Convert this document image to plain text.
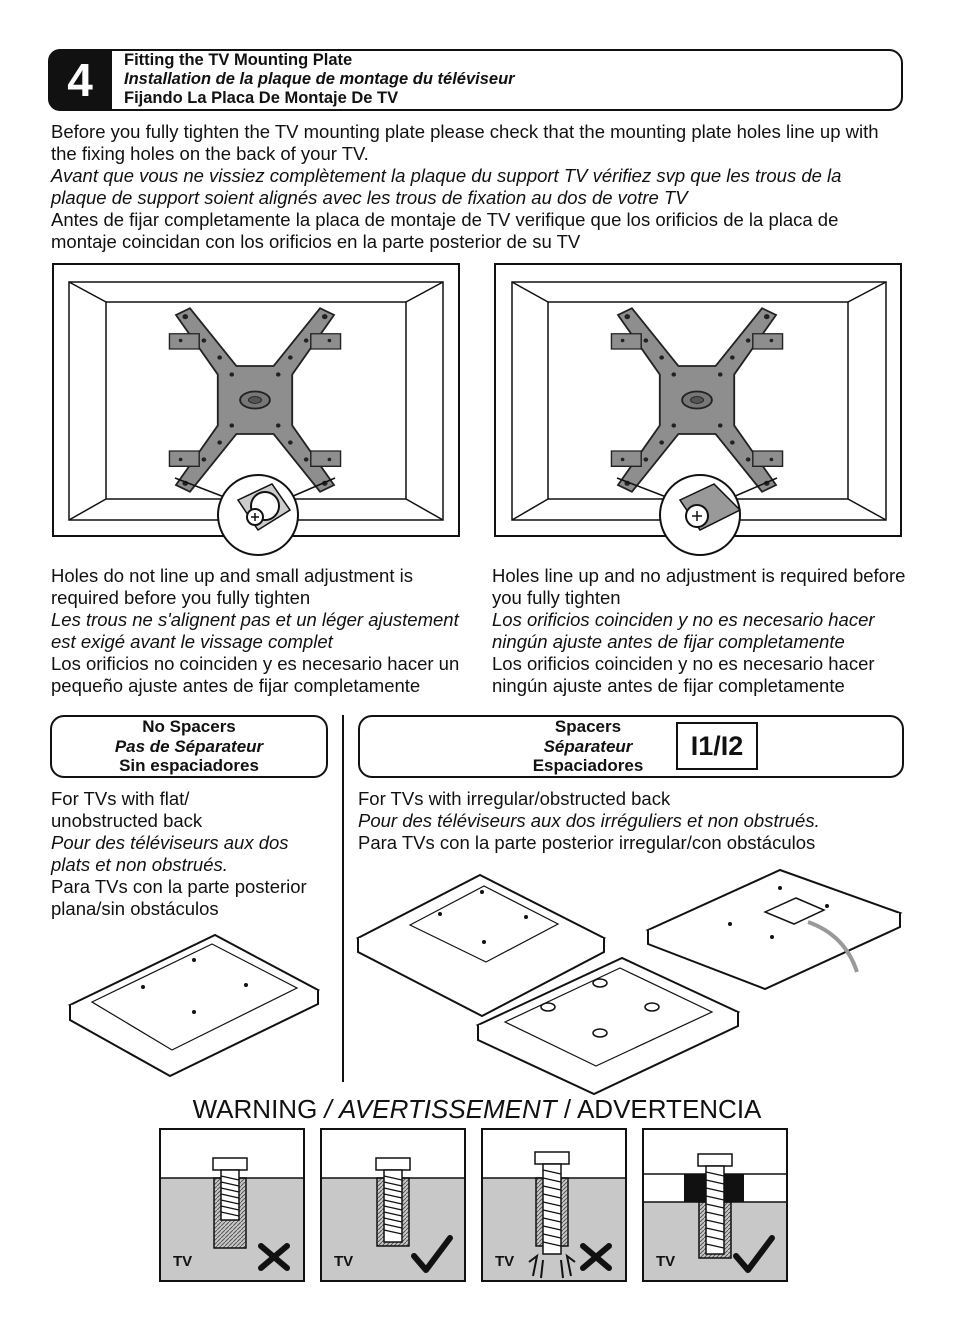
4	Fitting the TV Mounting Plate
Installation de la plaque de montage du téléviseur
Fijando La Placa De Montaje De TV
Before you fully tighten the TV mounting plate please check that the mounting plate holes line up with the fixing holes on the back of your TV.
Avant que vous ne vissiez complètement la plaque du support TV vérifiez svp que les trous de la plaque de support soient alignés avec les trous de fixation au dos de votre TV
Antes de fijar completamente la placa de montaje de TV verifique que los orificios de la placa de montaje coincidan con los orificios en la parte posterior de su TV
Holes do not line up and small adjustment is required before you fully tighten
Les trous ne s'alignent pas et un léger ajustement est exigé avant le vissage complet
Los orificios no coinciden y es necesario hacer un pequeño ajuste antes de fijar completamente
Holes line up and no adjustment is required before you fully tighten
Los orificios coinciden y no es necesario hacer ningún ajuste antes de fijar completamente
Los orificios coinciden y no es necesario hacer ningún ajuste antes de fijar completamente
No Spacers
Pas de Séparateur
Sin espaciadores
For TVs with flat/ unobstructed back
Pour des téléviseurs aux dos plats et non obstrués.
Para TVs con la parte posterior plana/sin obstáculos
Spacers
Séparateur
Espaciadores
I1/I2
For TVs with irregular/obstructed back
Pour des téléviseurs aux dos irréguliers et non obstrués.
Para TVs con la parte posterior irregular/con obstáculos
WARNING / AVERTISSEMENT / ADVERTENCIA
TV	TV	TV	TV
